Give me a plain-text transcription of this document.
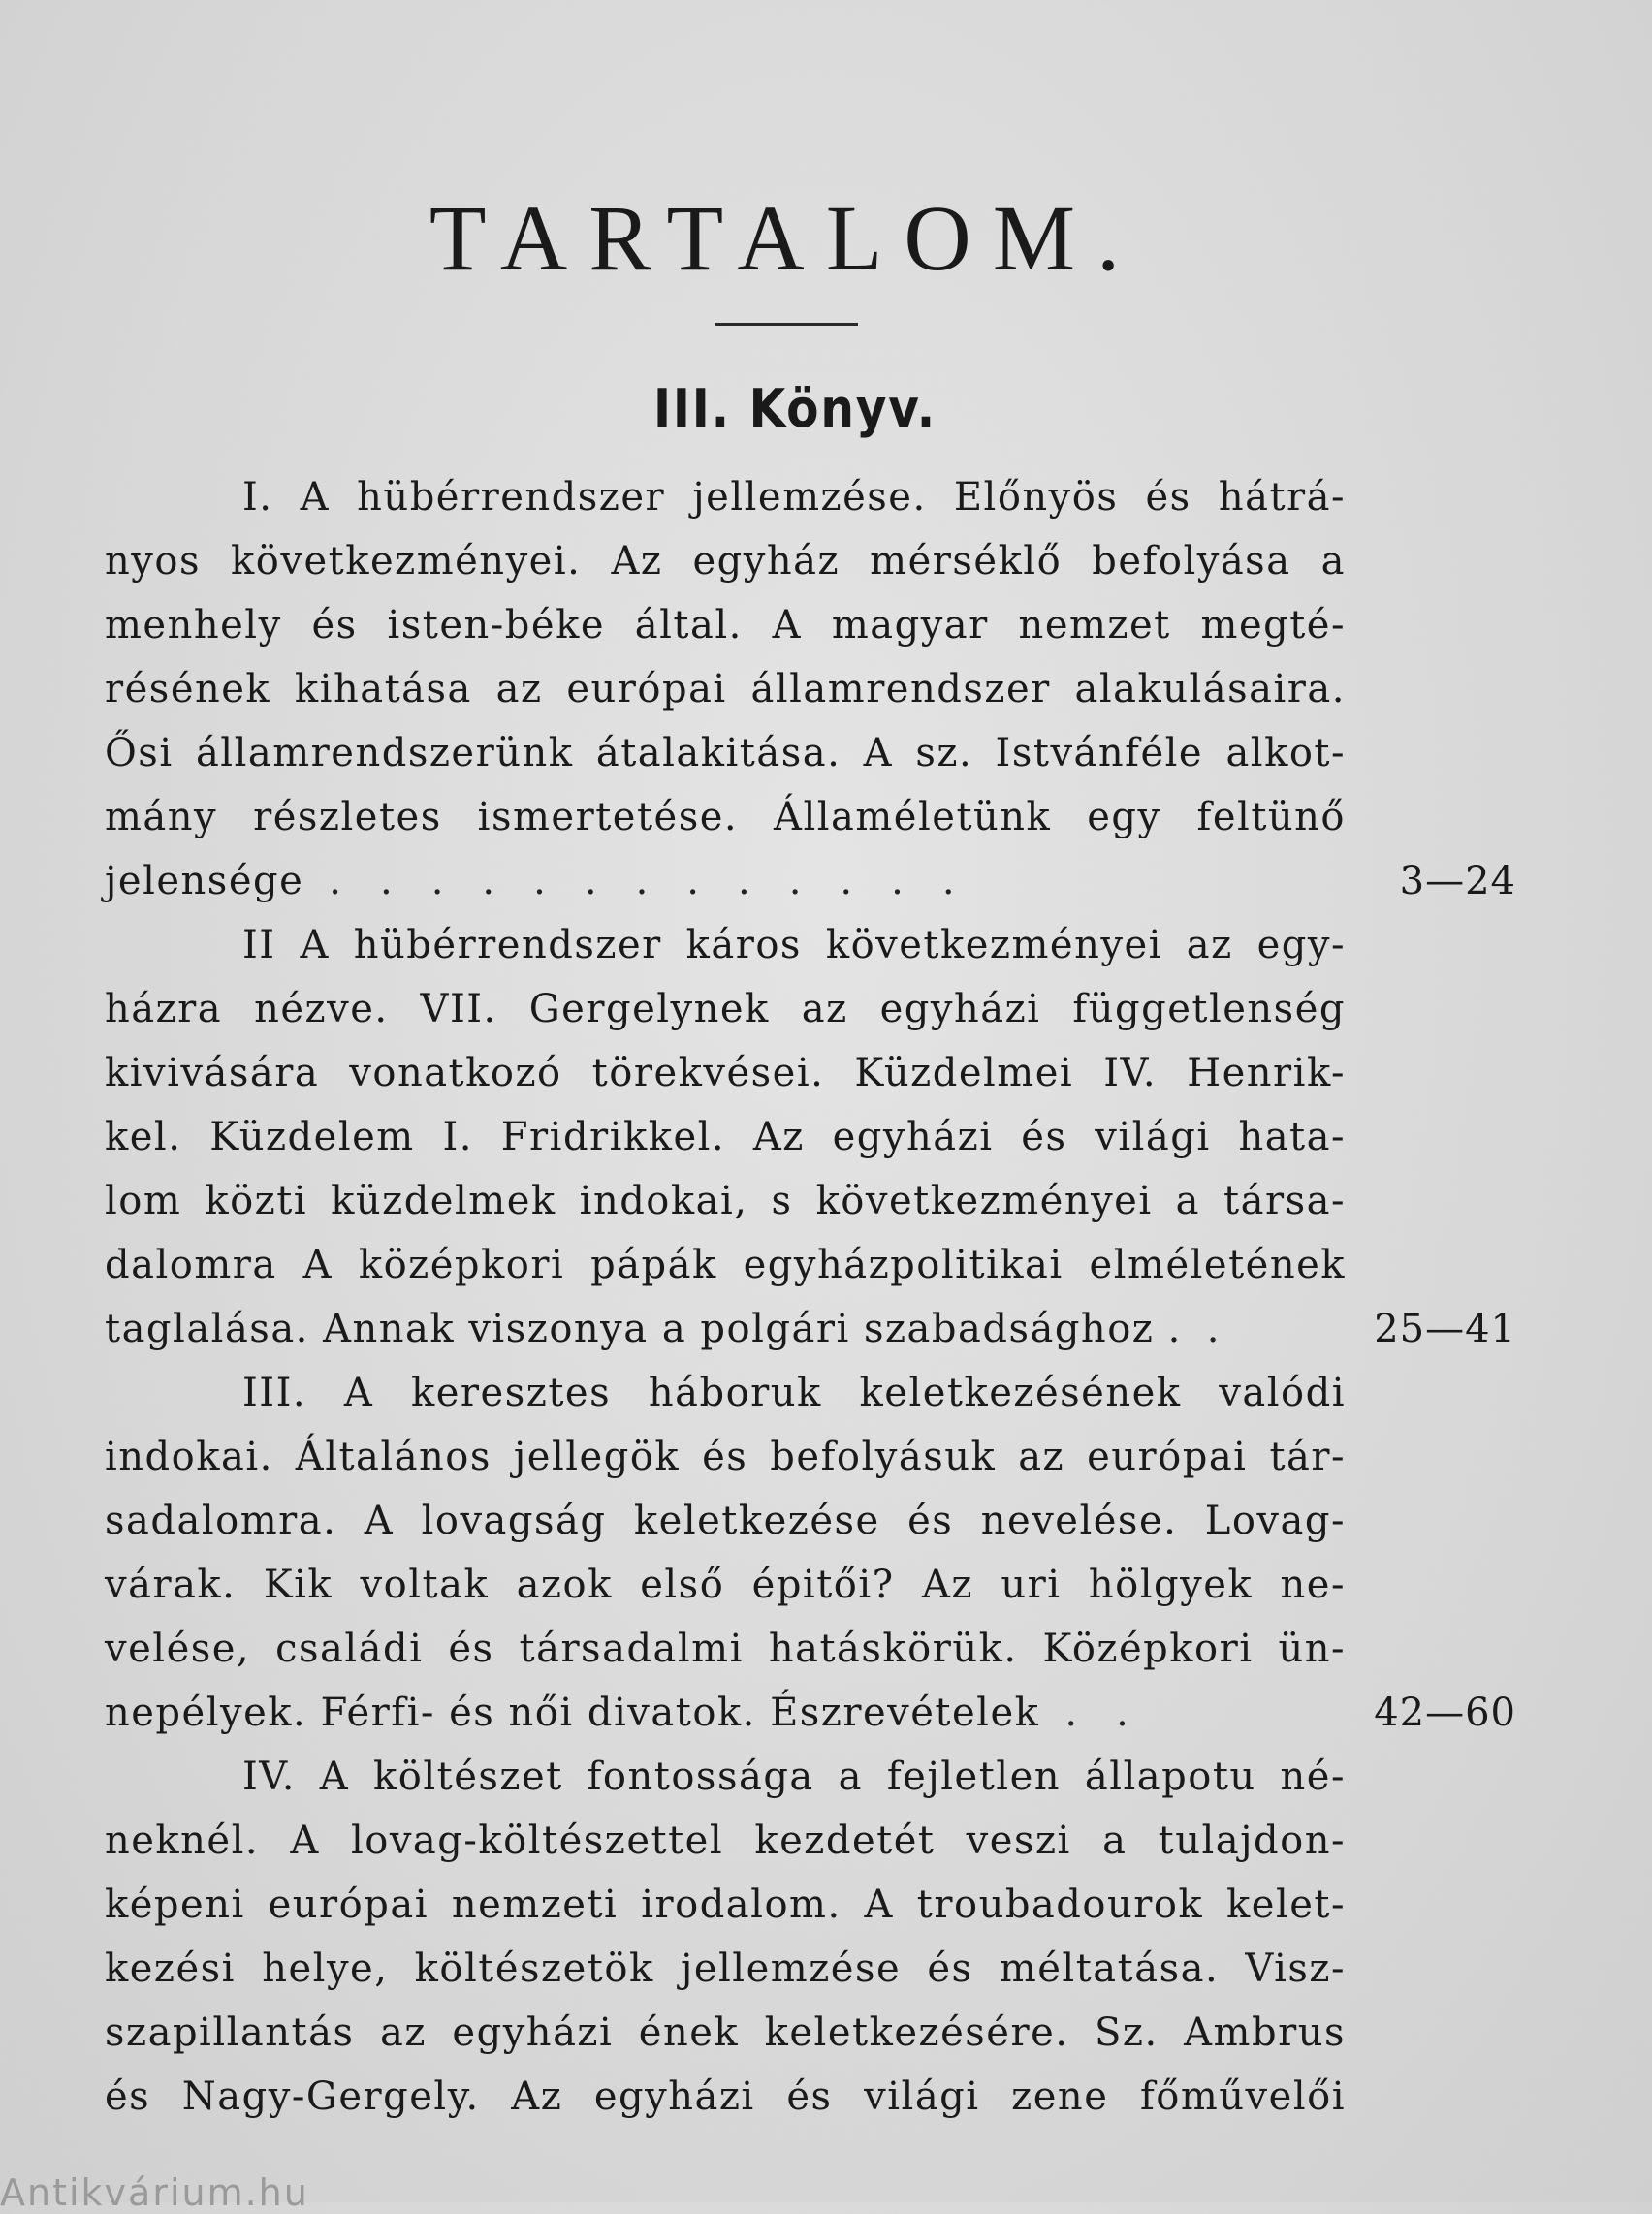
TARTALOM.
III. Könyv.
I. A hübérrendszer jellemzése. Előnyös és hátrá-
nyos következményei. Az egyház mérséklő befolyása a
menhely és isten-béke által. A magyar nemzet megté-
résének kihatása az európai államrendszer alakulásaira.
Ősi államrendszerünk átalakitása. A sz. Istvánféle alkot-
mány részletes ismertetése. Államéletünk egy feltünő
jelensége .............	3—24
II A hübérrendszer káros következményei az egy-
házra nézve. VII. Gergelynek az egyházi függetlenség
kivivására vonatkozó törekvései. Küzdelmei IV. Henrik-
kel. Küzdelem I. Fridrikkel. Az egyházi és világi hata-
lom közti küzdelmek indokai, s következményei a társa-
dalomra A középkori pápák egyházpolitikai elméletének
taglalása. Annak viszonya a polgári szabadsághoz . .	25—41
III. A keresztes háboruk keletkezésének valódi
indokai. Általános jellegök és befolyásuk az európai tár-
sadalomra. A lovagság keletkezése és nevelése. Lovag-
várak. Kik voltak azok első épitői? Az uri hölgyek ne-
velése, családi és társadalmi hatáskörük. Középkori ün-
nepélyek. Férfi- és női divatok. Észrevételek ..	42—60
IV. A költészet fontossága a fejletlen állapotu né-
neknél. A lovag-költészettel kezdetét veszi a tulajdon-
képeni európai nemzeti irodalom. A troubadourok kelet-
kezési helye, költészetök jellemzése és méltatása. Visz-
szapillantás az egyházi ének keletkezésére. Sz. Ambrus
és Nagy-Gergely. Az egyházi és világi zene főművelői
Antikvárium.hu
